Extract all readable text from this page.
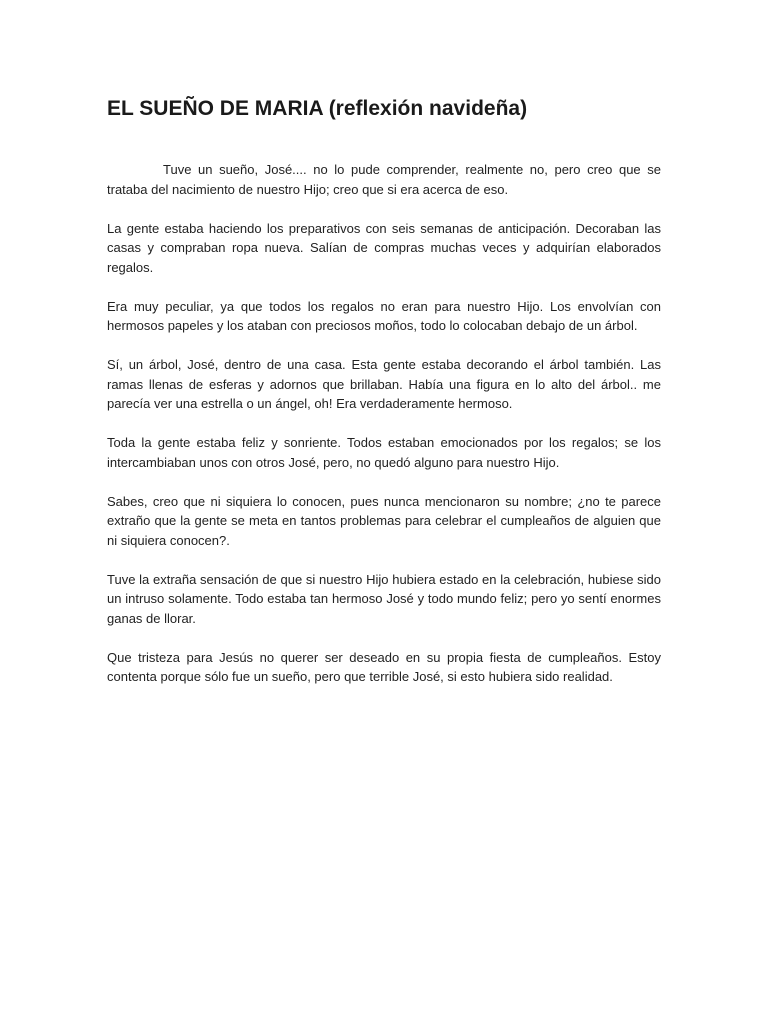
EL SUEÑO DE MARIA (reflexión navideña)

Tuve un sueño, José.... no lo pude comprender, realmente no, pero creo que se trataba del nacimiento de nuestro Hijo; creo que si era acerca de eso.

La gente estaba haciendo los preparativos con seis semanas de anticipación. Decoraban las casas y compraban ropa nueva. Salían de compras muchas veces y adquirían elaborados regalos.

Era muy peculiar, ya que todos los regalos no eran para nuestro Hijo. Los envolvían con hermosos papeles y los ataban con preciosos moños, todo lo colocaban debajo de un árbol.

Sí, un árbol, José, dentro de una casa. Esta gente estaba decorando el árbol también. Las ramas llenas de esferas y adornos que brillaban. Había una figura en lo alto del árbol.. me parecía ver una estrella o un ángel, oh! Era verdaderamente hermoso.

Toda la gente estaba feliz y sonriente. Todos estaban emocionados por los regalos; se los intercambiaban unos con otros José, pero, no quedó alguno para nuestro Hijo.

Sabes, creo que ni siquiera lo conocen, pues nunca mencionaron su nombre; ¿no te parece extraño que la gente se meta en tantos problemas para celebrar el cumpleaños de alguien que ni siquiera conocen?.

Tuve la extraña sensación de que si nuestro Hijo hubiera estado en la celebración, hubiese sido un intruso solamente. Todo estaba tan hermoso José y todo mundo feliz; pero yo sentí enormes ganas de llorar.

Que tristeza para Jesús no querer ser deseado en su propia fiesta de cumpleaños. Estoy contenta porque sólo fue un sueño, pero que terrible José, si esto hubiera sido realidad.
